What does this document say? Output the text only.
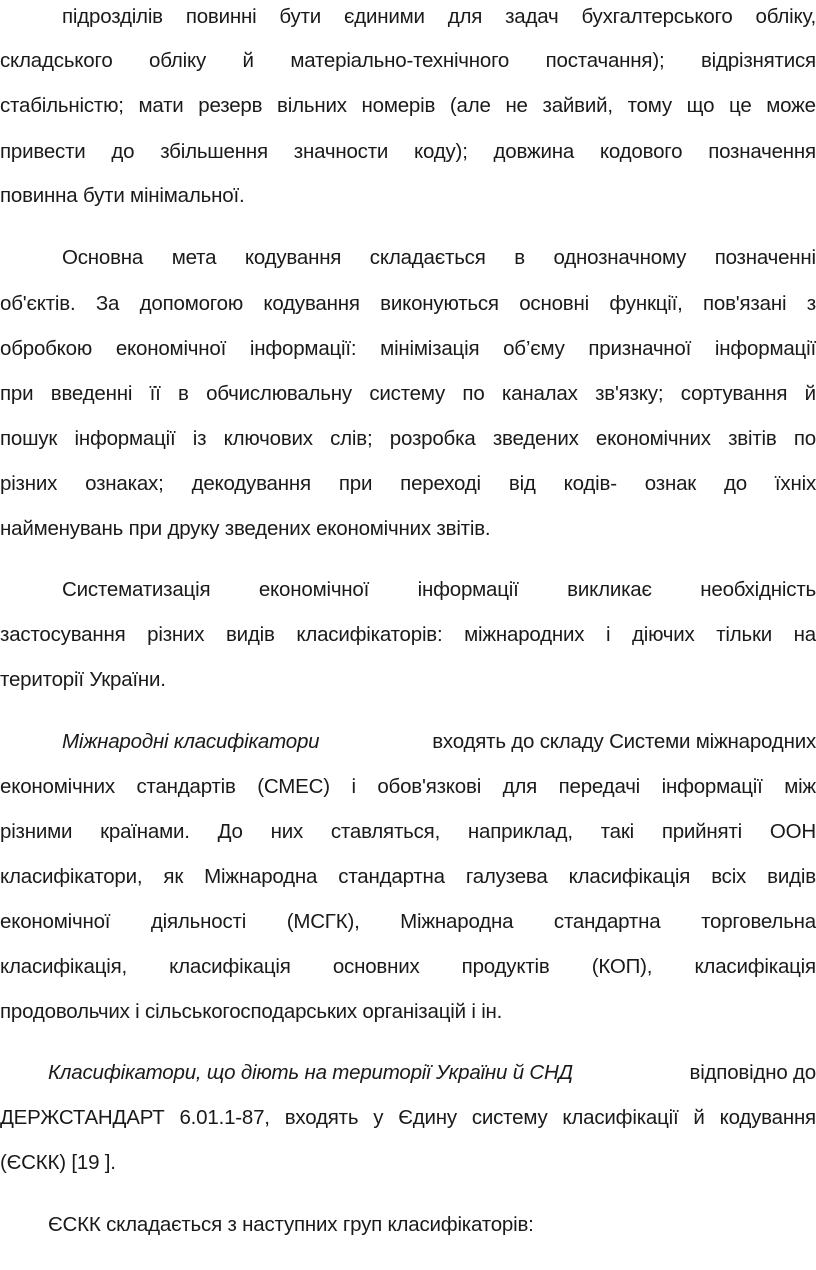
підрозділів повинні бути єдиними для задач бухгалтерського обліку,
складського обліку й матеріально-технічного постачання); відрізнятися
стабільністю; мати резерв вільних номерів (але не зайвий, тому що це може
привести до збільшення значности коду); довжина кодового позначення
повинна бути мінімальної.
Основна мета кодування складається в однозначному позначенні
об'єктів. За допомогою кодування виконуються основні функції, пов'язані з
обробкою економічної інформації: мінімізація об’єму призначної інформації
при введенні її в обчислювальну систему по каналах зв'язку; сортування й
пошук інформації із ключових слів; розробка зведених економічних звітів по
різних ознаках; декодування при переході від кодів- ознак до їхніх
найменувань при друку зведених економічних звітів.
Систематизація економічної інформації викликає необхідність
застосування різних видів класифікаторів: міжнародних і діючих тільки на
території України.
Міжнародні класифікатори	входять до складу Системи міжнародних
економічних стандартів (СМЕС) і обов'язкові для передачі інформації між
різними країнами. До них ставляться, наприклад, такі прийняті ООН
класифікатори, як Міжнародна стандартна галузева класифікація всіх видів
економічної діяльності (МСГК), Міжнародна стандартна торговельна
класифікація, класифікація основних продуктів (КОП), класифікація
продовольчих і сільськогосподарських організацій і ін.
Класифікатори, що діють на території України й СНД	відповідно до
ДЕРЖСТАНДАРТ 6.01.1-87, входять у Єдину систему класифікації й кодування
(ЄСКК) [19 ].
ЄСКК складається з наступних груп класифікаторів:
